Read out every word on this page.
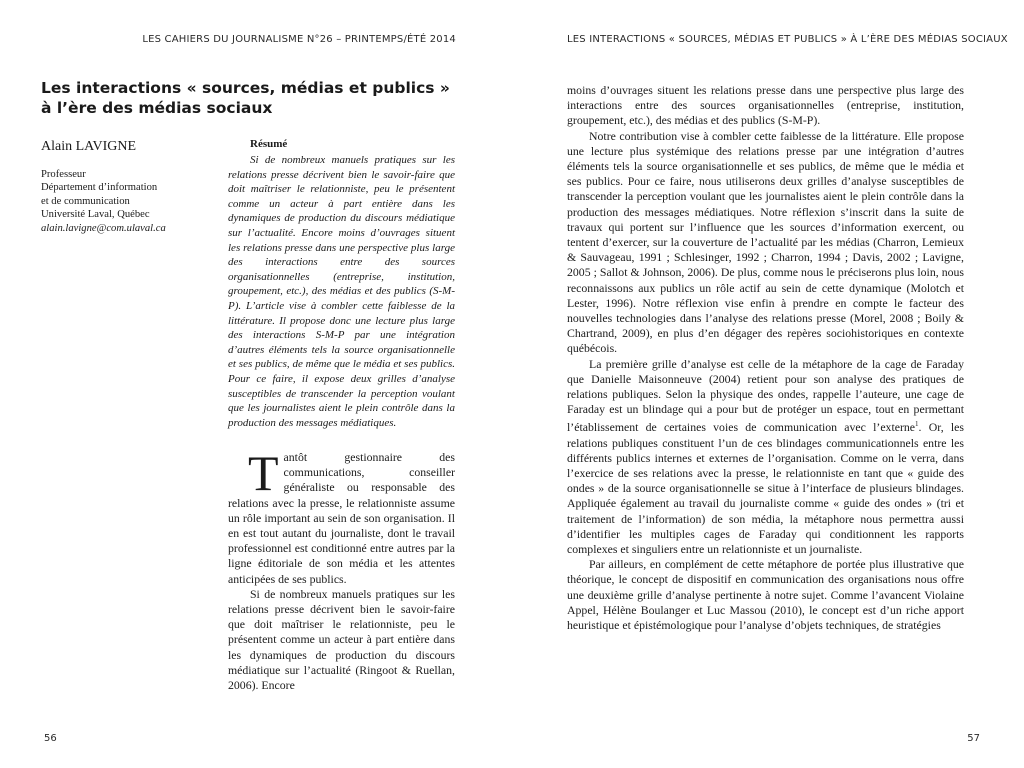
LES CAHIERS DU JOURNALISME N°26 – PRINTEMPS/ÉTÉ 2014
Les interactions « sources, médias et publics »
à l’ère des médias sociaux
Alain LAVIGNE
Professeur
Département d’information
et de communication
Université Laval, Québec
alain.lavigne@com.ulaval.ca
Résumé

Si de nombreux manuels pratiques sur les relations presse décrivent bien le savoir-faire que doit maîtriser le relationniste, peu le présentent comme un acteur à part entière dans les dynamiques de production du discours médiatique sur l’actualité. Encore moins d’ouvrages situent les relations presse dans une perspective plus large des interactions entre des sources organisationnelles (entreprise, institution, groupement, etc.), des médias et des publics (S-M-P). L’article vise à combler cette faiblesse de la littérature. Il propose donc une lecture plus large des interactions S-M-P par une intégration d’autres éléments tels la source organisationnelle et ses publics, de même que le média et ses publics. Pour ce faire, il expose deux grilles d’analyse susceptibles de transcender la perception voulant que les journalistes aient le plein contrôle dans la production des messages médiatiques.

Tantôt gestionnaire des communications, conseiller généraliste ou responsable des relations avec la presse, le relationniste assume un rôle important au sein de son organisation. Il en est tout autant du journaliste, dont le travail professionnel est conditionné entre autres par la ligne éditoriale de son média et les attentes anticipées de ses publics.

Si de nombreux manuels pratiques sur les relations presse décrivent bien le savoir-faire que doit maîtriser le relationniste, peu le présentent comme un acteur à part entière dans les dynamiques de production du discours médiatique sur l’actualité (Ringoot & Ruellan, 2006). Encore

56
LES INTERACTIONS « SOURCES, MÉDIAS ET PUBLICS » À L’ÈRE DES MÉDIAS SOCIAUX

moins d’ouvrages situent les relations presse dans une perspective plus large des interactions entre des sources organisationnelles (entreprise, institution, groupement, etc.), des médias et des publics (S-M-P).

Notre contribution vise à combler cette faiblesse de la littérature. Elle propose une lecture plus systémique des relations presse par une intégration d’autres éléments tels la source organisationnelle et ses publics, de même que le média et ses publics. Pour ce faire, nous utiliserons deux grilles d’analyse susceptibles de transcender la perception voulant que les journalistes aient le plein contrôle dans la production des messages médiatiques. Notre réflexion s’inscrit dans la suite de travaux qui portent sur l’influence que les sources d’information exercent, ou tentent d’exercer, sur la couverture de l’actualité par les médias (Charron, Lemieux & Sauvageau, 1991 ; Schlesinger, 1992 ; Charron, 1994 ; Davis, 2002 ; Lavigne, 2005 ; Sallot & Johnson, 2006). De plus, comme nous le préciserons plus loin, nous reconnaissons aux publics un rôle actif au sein de cette dynamique (Molotch et Lester, 1996). Notre réflexion vise enfin à prendre en compte le facteur des nouvelles technologies dans l’analyse des relations presse (Morel, 2008 ; Boily & Chartrand, 2009), en plus d’en dégager des repères sociohistoriques en contexte québécois.

La première grille d’analyse est celle de la métaphore de la cage de Faraday que Danielle Maisonneuve (2004) retient pour son analyse des pratiques de relations publiques. Selon la physique des ondes, rappelle l’auteure, une cage de Faraday est un blindage qui a pour but de protéger un espace, tout en permettant l’établissement de certaines voies de communication avec l’externe$^1$. Or, les relations publiques constituent l’un de ces blindages communicationnels entre les différents publics internes et externes de l’organisation. Comme on le verra, dans l’exercice de ses relations avec la presse, le relationniste en tant que « guide des ondes » de la source organisationnelle se situe à l’interface de plusieurs blindages. Appliquée également au travail du journaliste comme « guide des ondes » (tri et traitement de l’information) de son média, la métaphore nous permettra aussi d’identifier les multiples cages de Faraday qui conditionnent les rapports complexes et singuliers entre un relationniste et un journaliste.

Par ailleurs, en complément de cette métaphore de portée plus illustrative que théorique, le concept de dispositif en communication des organisations nous offre une deuxième grille d’analyse pertinente à notre sujet. Comme l’avancent Violaine Appel, Hélène Boulanger et Luc Massou (2010), le concept est d’un riche apport heuristique et épistémologique pour l’analyse d’objets techniques, de stratégies

57
